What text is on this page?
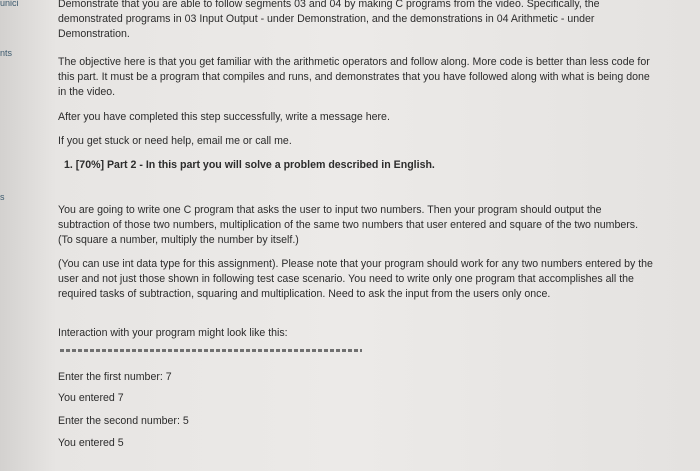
unici
nts
s

Demonstrate that you are able to follow segments 03 and 04 by making C programs from the video. Specifically, the demonstrated programs in 03 Input Output - under Demonstration, and the demonstrations in 04 Arithmetic - under Demonstration.

The objective here is that you get familiar with the arithmetic operators and follow along. More code is better than less code for this part. It must be a program that compiles and runs, and demonstrates that you have followed along with what is being done in the video.

After you have completed this step successfully, write a message here.

If you get stuck or need help, email me or call me.

1. [70%] Part 2 - In this part you will solve a problem described in English.

You are going to write one C program that asks the user to input two numbers. Then your program should output the subtraction of those two numbers, multiplication of the same two numbers that user entered and square of the two numbers. (To square a number, multiply the number by itself.)

(You can use int data type for this assignment). Please note that your program should work for any two numbers entered by the user and not just those shown in following test case scenario. You need to write only one program that accomplishes all the required tasks of subtraction, squaring and multiplication. Need to ask the input from the users only once.

Interaction with your program might look like this:

Enter the first number: 7

You entered 7

Enter the second number: 5

You entered 5
